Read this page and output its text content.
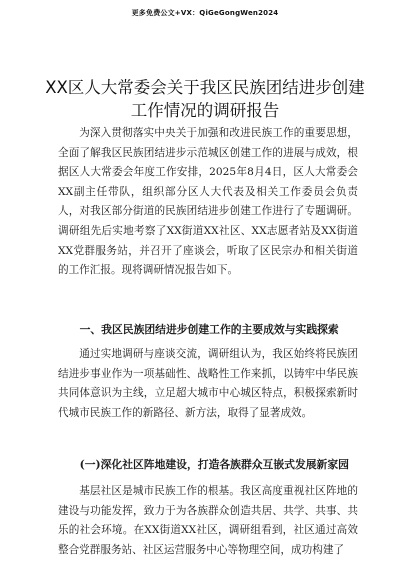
更多免费公文+VX：QiGeGongWen2024
XX区人大常委会关于我区民族团结进步创建工作情况的调研报告

为深入贯彻落实中央关于加强和改进民族工作的重要思想，全面了解我区民族团结进步示范城区创建工作的进展与成效，根据区人大常委会年度工作安排，2025年8月4日，区人大常委会XX副主任带队，组织部分区人大代表及相关工作委员会负责人，对我区部分街道的民族团结进步创建工作进行了专题调研。调研组先后实地考察了XX街道XX社区、XX志愿者站及XX街道XX党群服务站，并召开了座谈会，听取了区民宗办和相关街道的工作汇报。现将调研情况报告如下。

一、我区民族团结进步创建工作的主要成效与实践探索

通过实地调研与座谈交流，调研组认为，我区始终将民族团结进步事业作为一项基础性、战略性工作来抓，以铸牢中华民族共同体意识为主线，立足超大城市中心城区特点，积极探索新时代城市民族工作的新路径、新方法，取得了显著成效。

(一)深化社区阵地建设，打造各族群众互嵌式发展新家园

基层社区是城市民族工作的根基。我区高度重视社区阵地的建设与功能发挥，致力于为各族群众创造共居、共学、共事、共乐的社会环境。在XX街道XX社区，调研组看到，社区通过高效整合党群服务站、社区运营服务中心等物理空间，成功构建了
